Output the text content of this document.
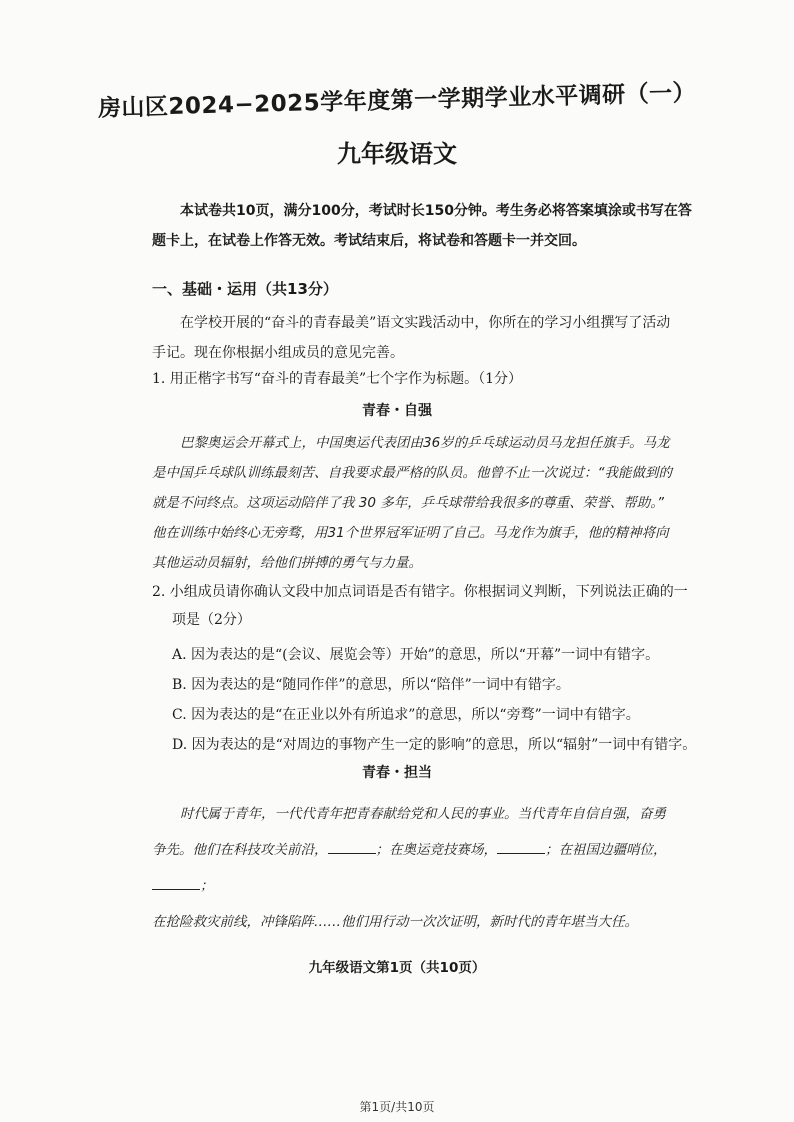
房山区2024−2025学年度第一学期学业水平调研（一）
九年级语文
本试卷共10页，满分100分，考试时长150分钟。考生务必将答案填涂或书写在答
题卡上，在试卷上作答无效。考试结束后，将试卷和答题卡一并交回。
一、基础・运用（共13分）
在学校开展的“奋斗的青春最美”语文实践活动中，你所在的学习小组撰写了活动
手记。现在你根据小组成员的意见完善。
1. 用正楷字书写“奋斗的青春最美”七个字作为标题。（1分）
青春・自强
巴黎奥运会开幕式上，中国奥运代表团由36岁的乒乓球运动员马龙担任旗手。马龙
是中国乒乓球队训练最刻苦、自我要求最严格的队员。他曾不止一次说过：“我能做到的
就是不问终点。这项运动陪伴了我 30 多年，乒乓球带给我很多的尊重、荣誉、帮助。”
他在训练中始终心无旁骛，用31个世界冠军证明了自己。马龙作为旗手，他的精神将向
其他运动员辐射，给他们拼搏的勇气与力量。
2. 小组成员请你确认文段中加点词语是否有错字。你根据词义判断，下列说法正确的一
项是（2分）
A. 因为表达的是“(会议、展览会等）开始”的意思，所以“开幕”一词中有错字。
B. 因为表达的是“随同作伴”的意思，所以“陪伴”一词中有错字。
C. 因为表达的是“在正业以外有所追求”的意思，所以“旁骛”一词中有错字。
D. 因为表达的是“对周边的事物产生一定的影响”的意思，所以“辐射”一词中有错字。
青春・担当
时代属于青年，一代代青年把青春献给党和人民的事业。当代青年自信自强，奋勇
争先。他们在科技攻关前沿，	；在奥运竞技赛场，	；在祖国边疆哨位，；
在抢险救灾前线，冲锋陷阵……他们用行动一次次证明，新时代的青年堪当大任。
九年级语文第1页（共10页）
第1页/共10页
